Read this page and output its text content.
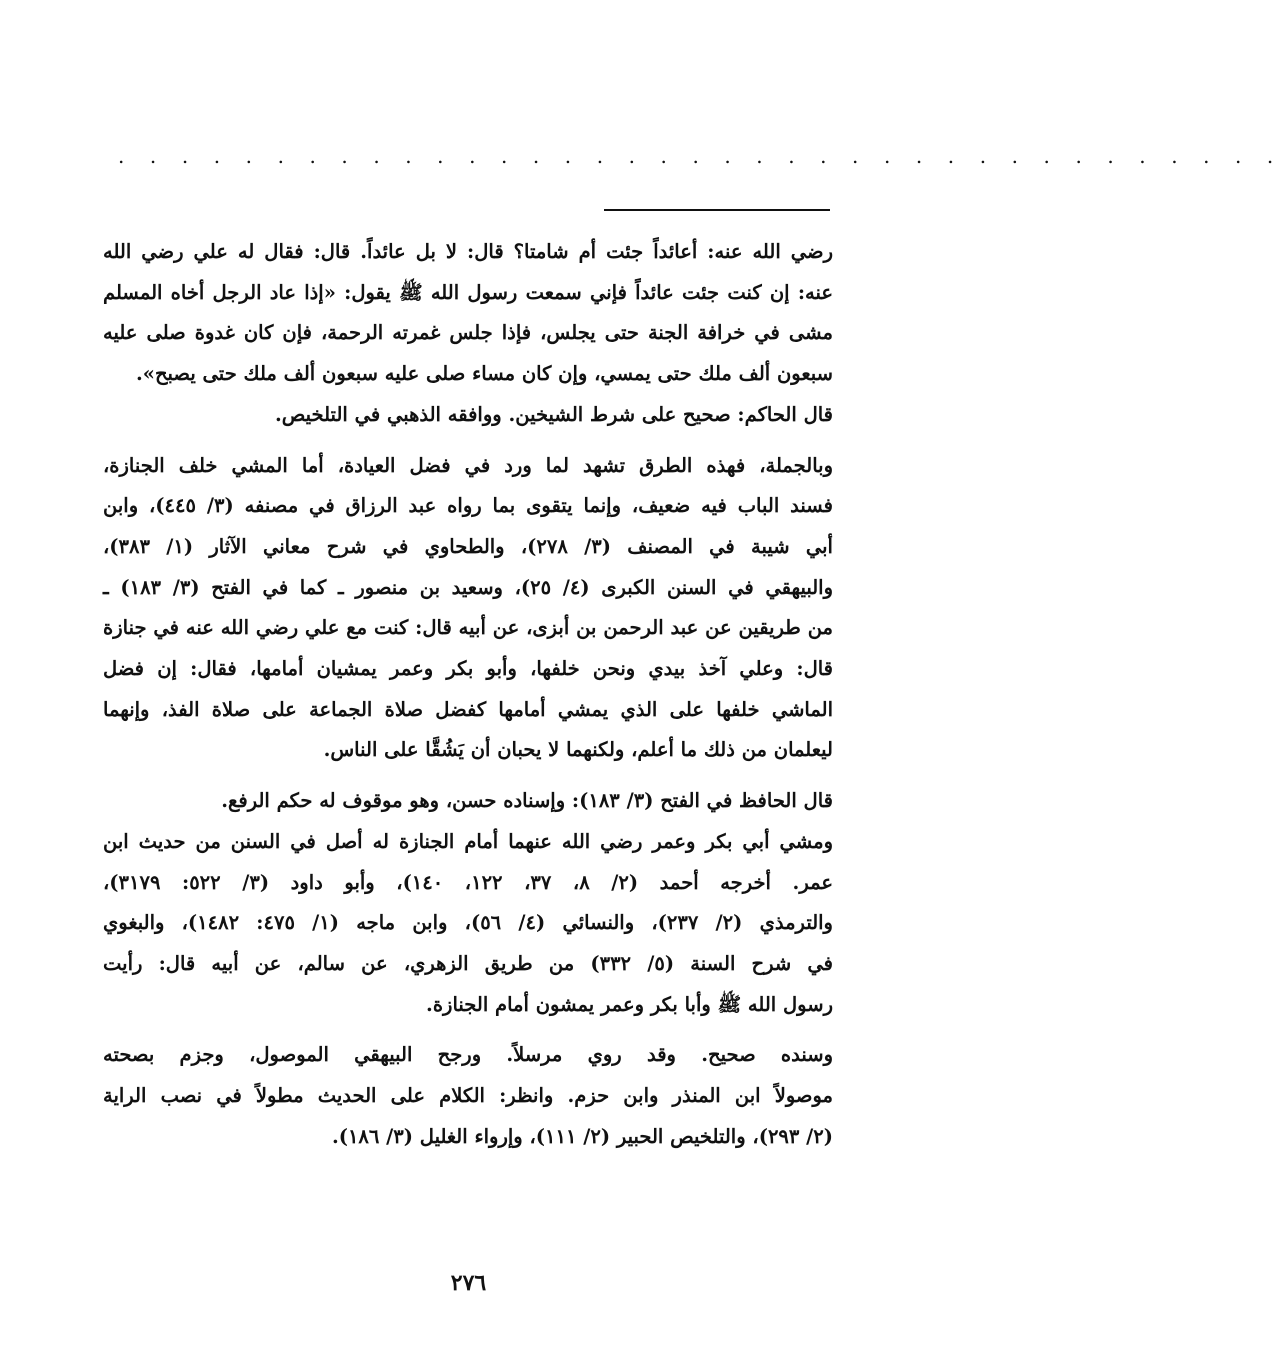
. . . . . . . . . . . . . . . . . . . . . . . . . . . . . . . . . . . . .
رضي الله عنه: أعائداً جئت أم شامتا؟ قال: لا بل عائداً. قال: فقال له علي رضي الله
عنه: إن كنت جئت عائداً فإني سمعت رسول الله ﷺ يقول: «إذا عاد الرجل أخاه المسلم
مشى في خرافة الجنة حتى يجلس، فإذا جلس غمرته الرحمة، فإن كان غدوة صلى عليه
سبعون ألف ملك حتى يمسي، وإن كان مساء صلى عليه سبعون ألف ملك حتى يصبح».
قال الحاكم: صحيح على شرط الشيخين. ووافقه الذهبي في التلخيص.
وبالجملة، فهذه الطرق تشهد لما ورد في فضل العيادة، أما المشي خلف الجنازة،
فسند الباب فيه ضعيف، وإنما يتقوى بما رواه عبد الرزاق في مصنفه (٣/ ٤٤٥)، وابن
أبي شيبة في المصنف (٣/ ٢٧٨)، والطحاوي في شرح معاني الآثار (١/ ٣٨٣)،
والبيهقي في السنن الكبرى (٤/ ٢٥)، وسعيد بن منصور ـ كما في الفتح (٣/ ١٨٣) ـ
من طريقين عن عبد الرحمن بن أبزى، عن أبيه قال: كنت مع علي رضي الله عنه في جنازة
قال: وعلي آخذ بيدي ونحن خلفها، وأبو بكر وعمر يمشيان أمامها، فقال: إن فضل
الماشي خلفها على الذي يمشي أمامها كفضل صلاة الجماعة على صلاة الفذ، وإنهما
ليعلمان من ذلك ما أعلم، ولكنهما لا يحبان أن يَشُقَّا على الناس.
قال الحافظ في الفتح (٣/ ١٨٣): وإسناده حسن، وهو موقوف له حكم الرفع.
ومشي أبي بكر وعمر رضي الله عنهما أمام الجنازة له أصل في السنن من حديث ابن
عمر. أخرجه أحمد (٢/ ٨، ٣٧، ١٢٢، ١٤٠)، وأبو داود (٣/ ٥٢٢: ٣١٧٩)،
والترمذي (٢/ ٢٣٧)، والنسائي (٤/ ٥٦)، وابن ماجه (١/ ٤٧٥: ١٤٨٢)، والبغوي
في شرح السنة (٥/ ٣٣٢) من طريق الزهري، عن سالم، عن أبيه قال: رأيت
رسول الله ﷺ وأبا بكر وعمر يمشون أمام الجنازة.
وسنده صحيح. وقد روي مرسلاً. ورجح البيهقي الموصول، وجزم بصحته
موصولاً ابن المنذر وابن حزم. وانظر: الكلام على الحديث مطولاً في نصب الراية
(٢/ ٢٩٣)، والتلخيص الحبير (٢/ ١١١)، وإرواء الغليل (٣/ ١٨٦).
٢٧٦
